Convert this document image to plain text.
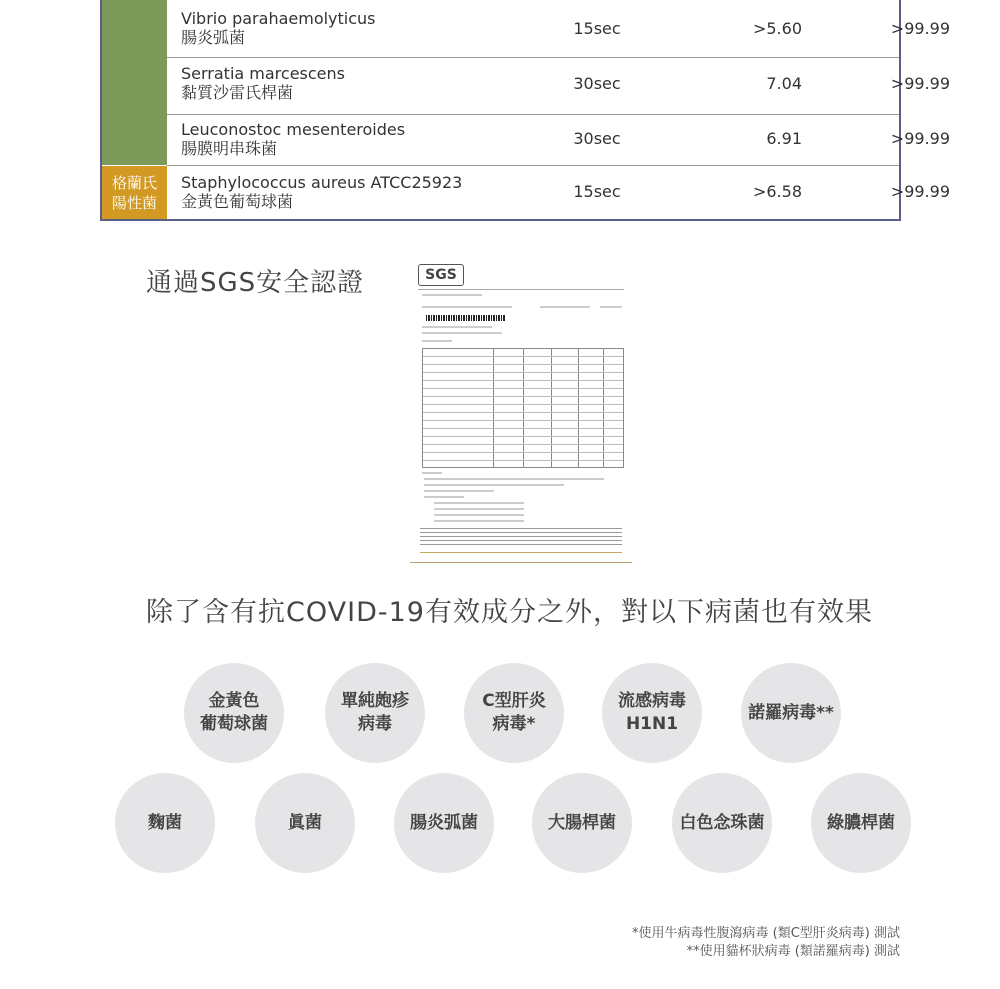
格蘭氏
陽性菌
Vibrio parahaemolyticus
腸炎弧菌	15sec	>5.60	>99.99
Serratia marcescens
黏質沙雷氏桿菌	30sec	7.04	>99.99
Leuconostoc mesenteroides
腸膜明串珠菌
30sec	6.91	>99.99
Staphylococcus aureus ATCC25923
金黃色葡萄球菌
15sec	>6.58	>99.99
通過SGS安全認證	SGS
除了含有抗COVID-19有效成分之外，對以下病菌也有效果
金黃色
葡萄球菌
單純皰疹
病毒
C型肝炎
病毒*
流感病毒
H1N1
諾羅病毒**
麴菌	眞菌	腸炎弧菌	大腸桿菌	白色念珠菌	綠膿桿菌
*使用牛病毒性腹瀉病毒 (類C型肝炎病毒) 測試
**使用貓杯狀病毒 (類諾羅病毒) 測試
